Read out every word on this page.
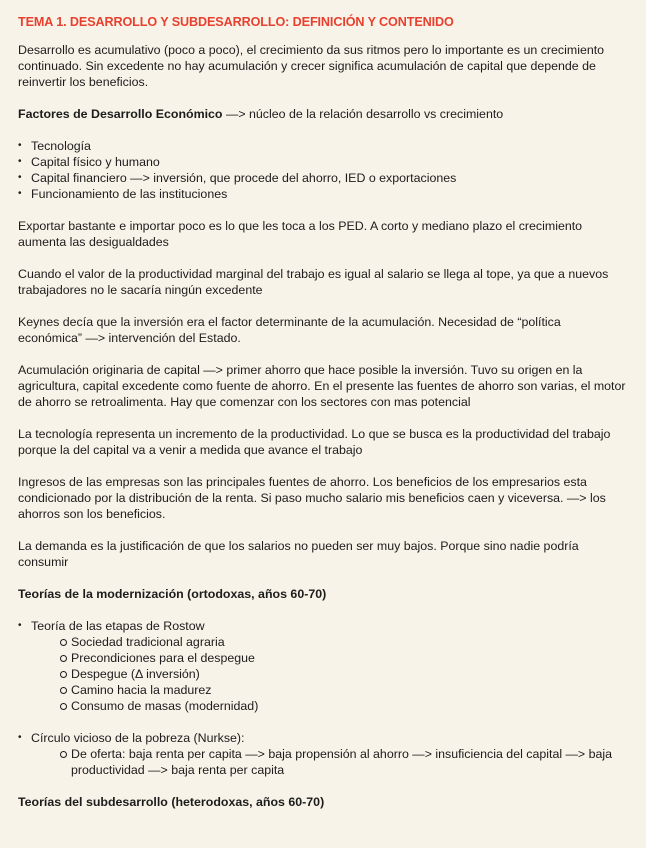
TEMA 1. DESARROLLO Y SUBDESARROLLO: DEFINICIÓN Y CONTENIDO

Desarrollo es acumulativo (poco a poco), el crecimiento da sus ritmos pero lo importante es un crecimiento continuado. Sin excedente no hay acumulación y crecer significa acumulación de capital que depende de reinvertir los beneficios.

Factores de Desarrollo Económico —> núcleo de la relación desarrollo vs crecimiento
• Tecnología
• Capital físico y humano
• Capital financiero —> inversión, que procede del ahorro, IED o exportaciones
• Funcionamiento de las instituciones

Exportar bastante e importar poco es lo que les toca a los PED. A corto y mediano plazo el crecimiento aumenta las desigualdades

Cuando el valor de la productividad marginal del trabajo es igual al salario se llega al tope, ya que a nuevos trabajadores no le sacaría ningún excedente

Keynes decía que la inversión era el factor determinante de la acumulación. Necesidad de “política económica” —> intervención del Estado.

Acumulación originaria de capital —> primer ahorro que hace posible la inversión. Tuvo su origen en la agricultura, capital excedente como fuente de ahorro. En el presente las fuentes de ahorro son varias, el motor de ahorro se retroalimenta. Hay que comenzar con los sectores con mas potencial

La tecnología representa un incremento de la productividad. Lo que se busca es la productividad del trabajo porque la del capital va a venir a medida que avance el trabajo

Ingresos de las empresas son las principales fuentes de ahorro. Los beneficios de los empresarios esta condicionado por la distribución de la renta. Si paso mucho salario mis beneficios caen y viceversa. —> los ahorros son los beneficios.

La demanda es la justificación de que los salarios no pueden ser muy bajos. Porque sino nadie podría consumir

Teorías de la modernización (ortodoxas, años 60-70)
• Teoría de las etapas de Rostow
Sociedad tradicional agraria
Precondiciones para el despegue
Despegue (Δ inversión)
Camino hacia la madurez
Consumo de masas (modernidad)
• Círculo vicioso de la pobreza (Nurkse):
De oferta: baja renta per capita —> baja propensión al ahorro —> insuficiencia del capital —> baja productividad —> baja renta per capita
Teorías del subdesarrollo (heterodoxas, años 60-70)
